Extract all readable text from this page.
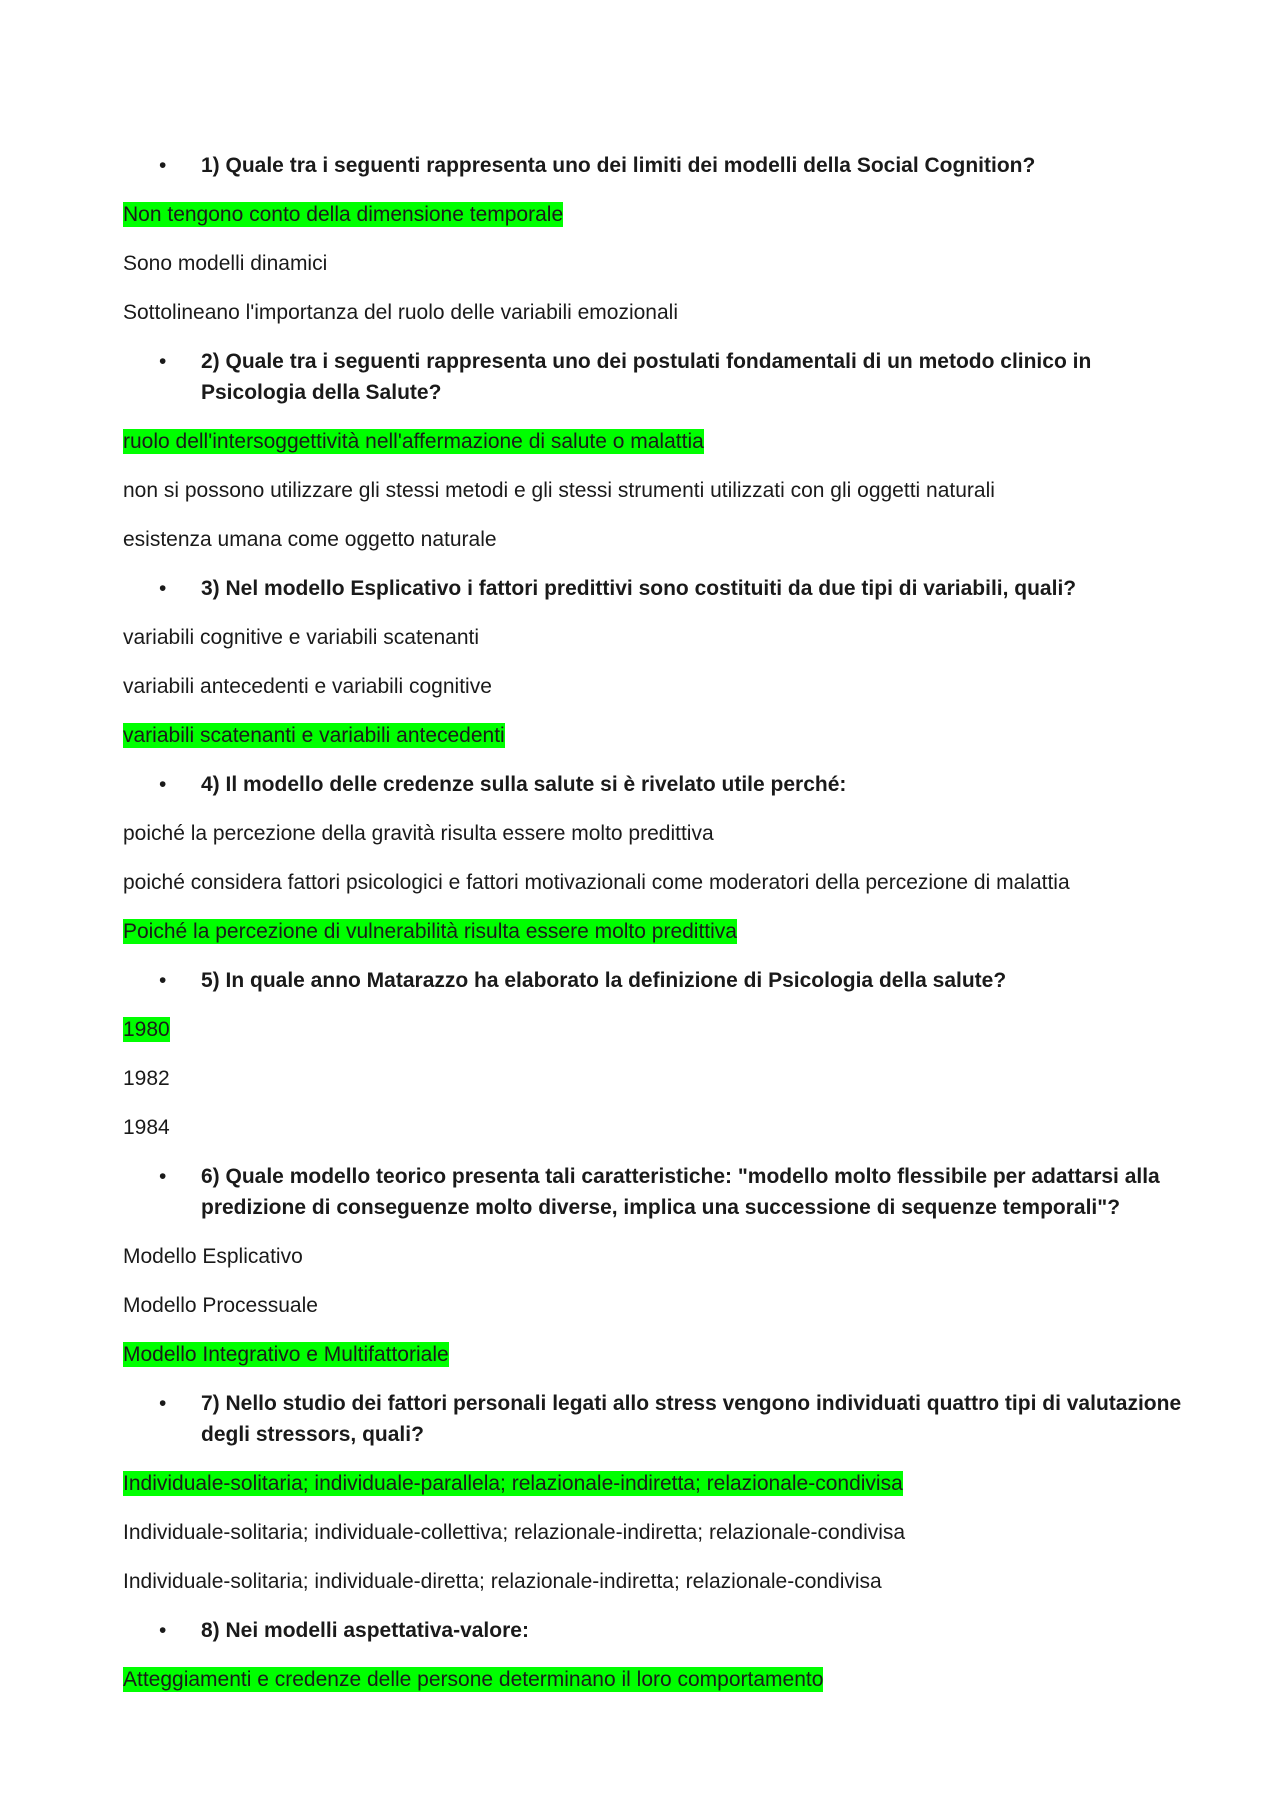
• 1) Quale tra i seguenti rappresenta uno dei limiti dei modelli della Social Cognition?
Non tengono conto della dimensione temporale
Sono modelli dinamici
Sottolineano l'importanza del ruolo delle variabili emozionali
• 2) Quale tra i seguenti rappresenta uno dei postulati fondamentali di un metodo clinico in Psicologia della Salute?
ruolo dell'intersoggettività nell'affermazione di salute o malattia
non si possono utilizzare gli stessi metodi e gli stessi strumenti utilizzati con gli oggetti naturali
esistenza umana come oggetto naturale
• 3) Nel modello Esplicativo i fattori predittivi sono costituiti da due tipi di variabili, quali?
variabili cognitive e variabili scatenanti
variabili antecedenti e variabili cognitive
variabili scatenanti e variabili antecedenti
• 4) Il modello delle credenze sulla salute si è rivelato utile perché:
poiché la percezione della gravità risulta essere molto predittiva
poiché considera fattori psicologici e fattori motivazionali come moderatori della percezione di malattia
Poiché la percezione di vulnerabilità risulta essere molto predittiva
• 5) In quale anno Matarazzo ha elaborato la definizione di Psicologia della salute?
1980
1982
1984
• 6) Quale modello teorico presenta tali caratteristiche: "modello molto flessibile per adattarsi alla predizione di conseguenze molto diverse, implica una successione di sequenze temporali"?
Modello Esplicativo
Modello Processuale
Modello Integrativo e Multifattoriale
• 7) Nello studio dei fattori personali legati allo stress vengono individuati quattro tipi di valutazione degli stressors, quali?
Individuale-solitaria; individuale-parallela; relazionale-indiretta; relazionale-condivisa
Individuale-solitaria; individuale-collettiva; relazionale-indiretta; relazionale-condivisa
Individuale-solitaria; individuale-diretta; relazionale-indiretta; relazionale-condivisa
• 8) Nei modelli aspettativa-valore:
Atteggiamenti e credenze delle persone determinano il loro comportamento
